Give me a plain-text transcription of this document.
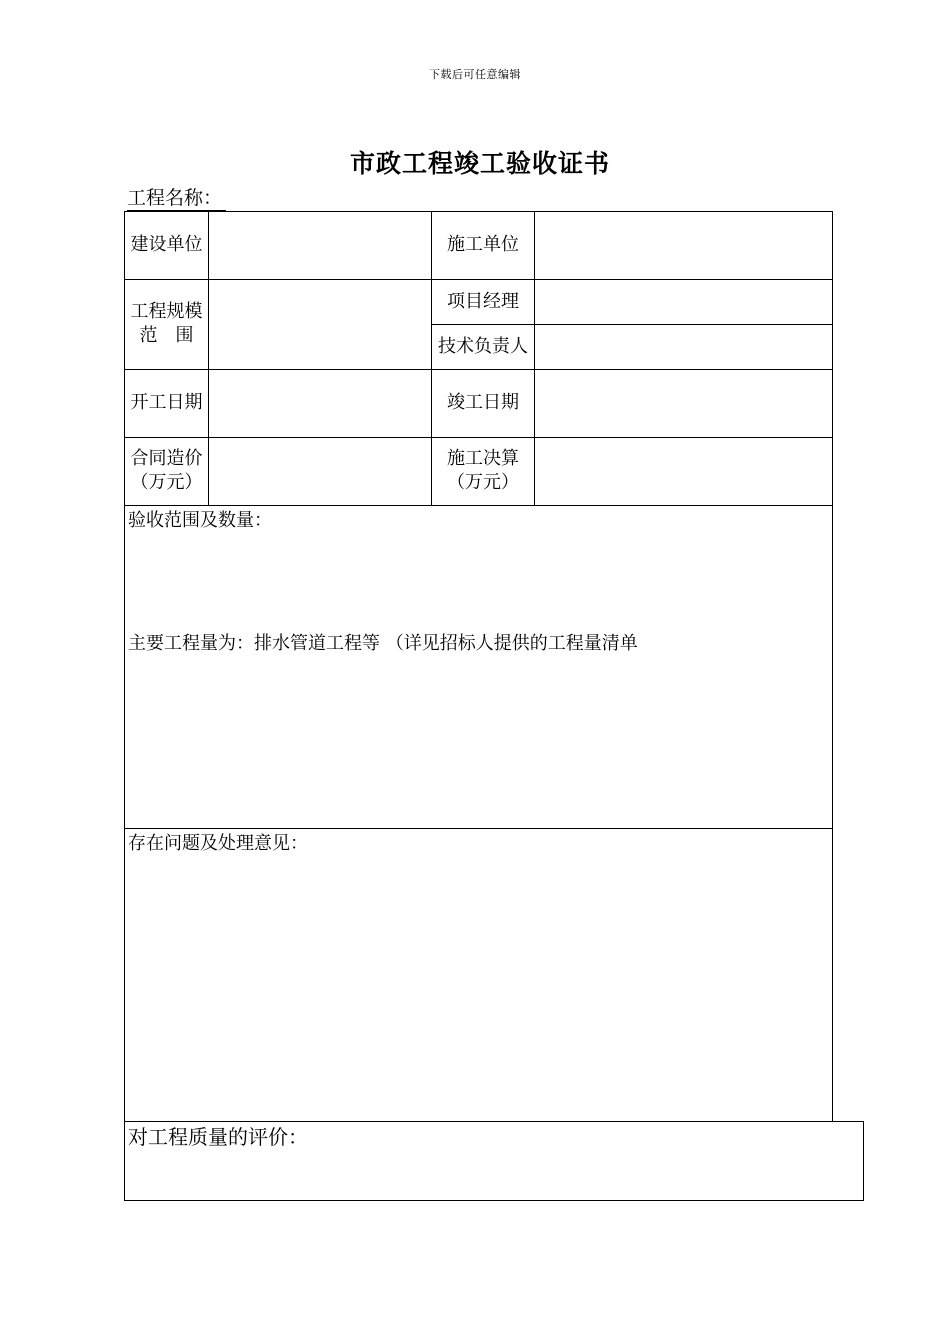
下载后可任意编辑
市政工程竣工验收证书
工程名称：
建设单位	施工单位
工程规模
范　围
项目经理
技术负责人
开工日期	竣工日期
合同造价
（万元）
施工决算
（万元）
验收范围及数量：
主要工程量为：排水管道工程等 （详见招标人提供的工程量清单
存在问题及处理意见：
对工程质量的评价：
